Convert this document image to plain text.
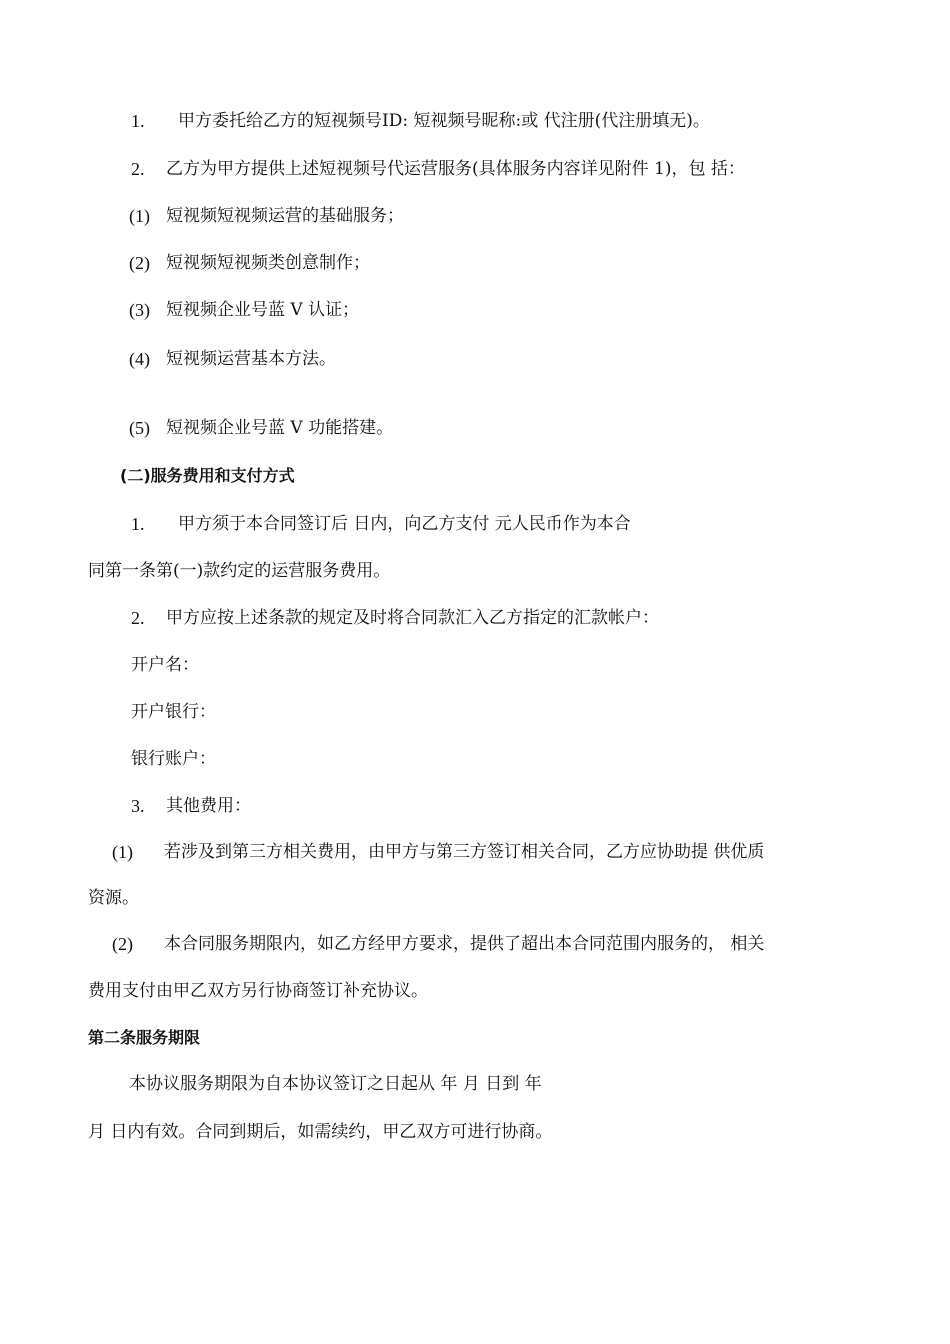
1. 甲方委托给乙方的短视频号ID: 短视频号昵称:或 代注册(代注册填无)。
2. 乙方为甲方提供上述短视频号代运营服务(具体服务内容详见附件 1)，包 括：
(1) 短视频短视频运营的基础服务；
(2) 短视频短视频类创意制作；
(3) 短视频企业号蓝 V 认证；
(4) 短视频运营基本方法。
(5) 短视频企业号蓝 V 功能搭建。
(二)服务费用和支付方式
1. 甲方须于本合同签订后 日内，向乙方支付 元人民币作为本合
同第一条第(一)款约定的运营服务费用。
2. 甲方应按上述条款的规定及时将合同款汇入乙方指定的汇款帐户：
开户名：
开户银行：
银行账户：
3. 其他费用：
(1) 若涉及到第三方相关费用，由甲方与第三方签订相关合同，乙方应协助提 供优质
资源。
(2) 本合同服务期限内，如乙方经甲方要求，提供了超出本合同范围内服务的， 相关
费用支付由甲乙双方另行协商签订补充协议。
第二条服务期限
本协议服务期限为自本协议签订之日起从 年 月 日到 年
月 日内有效。合同到期后，如需续约，甲乙双方可进行协商。
